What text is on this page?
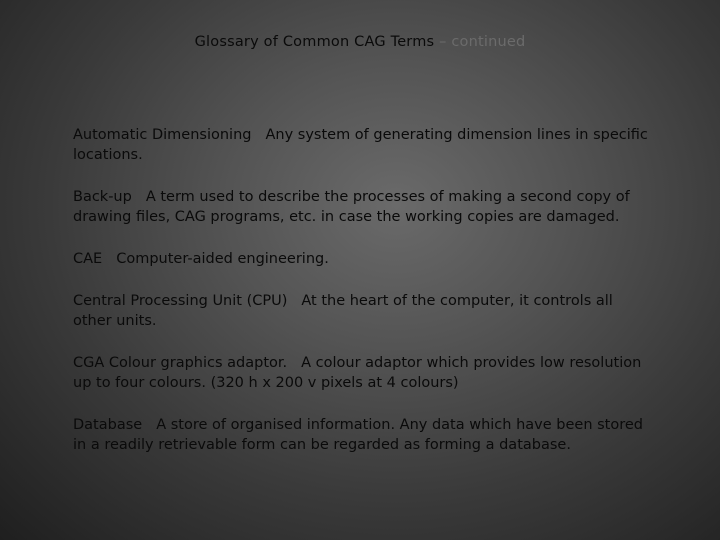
Glossary of Common CAG Terms – continued
Automatic Dimensioning Any system of generating dimension lines in specific locations.
Back-up A term used to describe the processes of making a second copy of drawing files, CAG programs, etc. in case the working copies are damaged.
CAE Computer-aided engineering.
Central Processing Unit (CPU) At the heart of the computer, it controls all other units.
CGA Colour graphics adaptor. A colour adaptor which provides low resolution up to four colours. (320 h x 200 v pixels at 4 colours)
Database A store of organised information. Any data which have been stored in a readily retrievable form can be regarded as forming a database.
